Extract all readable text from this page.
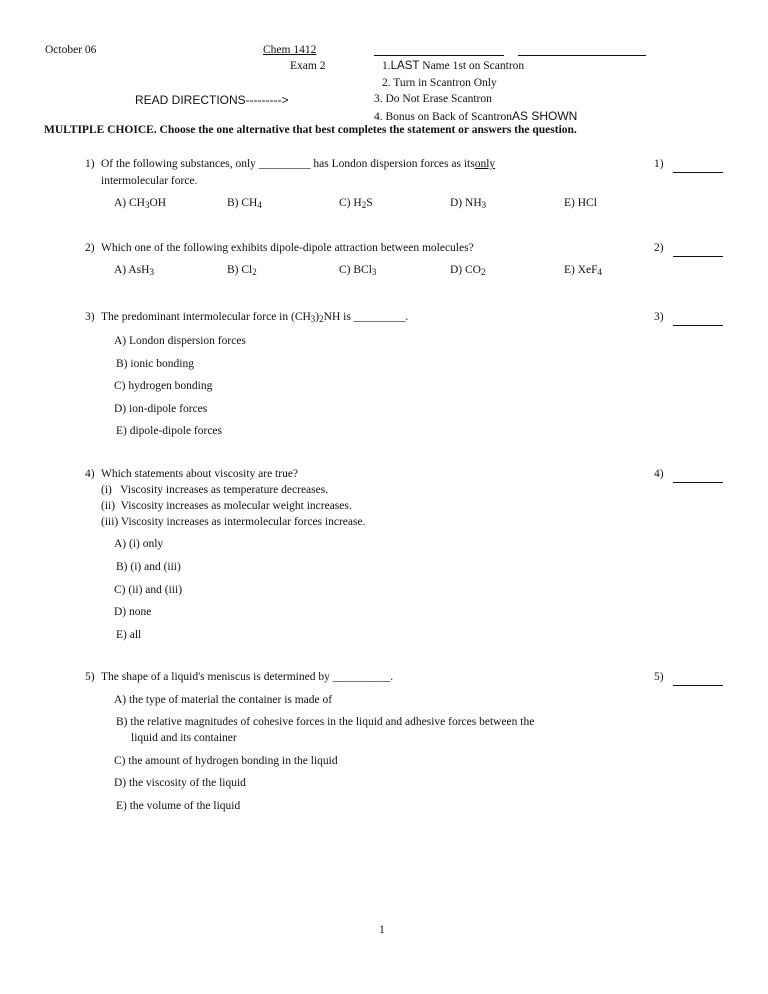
October 06	Chem 1412
Exam 2	1.LAST Name 1st on Scantron
2. Turn in Scantron Only
READ DIRECTIONS--------->	3. Do Not Erase Scantron
4. Bonus on Back of ScantronAS SHOWN
MULTIPLE CHOICE. Choose the one alternative that best completes the statement or answers the question.
1) Of the following substances, only _________ has London dispersion forces as itsonly
intermolecular force.
1)
A) $CH_3OH$	B) $CH_4$	C) $H_2S$	D) $NH_3$	E) HCl
2) Which one of the following exhibits dipole-dipole attraction between molecules?	2)
A) AsH$_3$	B) $Cl_2$	C) BCl$_3$	D) $CO_2$	E) XeF$_4$
3) The predominant intermolecular force in $(CH_3)_2NH$ is _________.	3)
A) London dispersion forces
B) ionic bonding
C) hydrogen bonding
D) ion-dipole forces
E) dipole-dipole forces
4) Which statements about viscosity are true?	4)
(i)   Viscosity increases as temperature decreases.
(ii)  Viscosity increases as molecular weight increases.
(iii) Viscosity increases as intermolecular forces increase.
A) (i) only
B) (i) and (iii)
C) (ii) and (iii)
D) none
E) all
5) The shape of a liquid's meniscus is determined by __________.	5)
A) the type of material the container is made of
B) the relative magnitudes of cohesive forces in the liquid and adhesive forces between the
liquid and its container
C) the amount of hydrogen bonding in the liquid
D) the viscosity of the liquid
E) the volume of the liquid
1
